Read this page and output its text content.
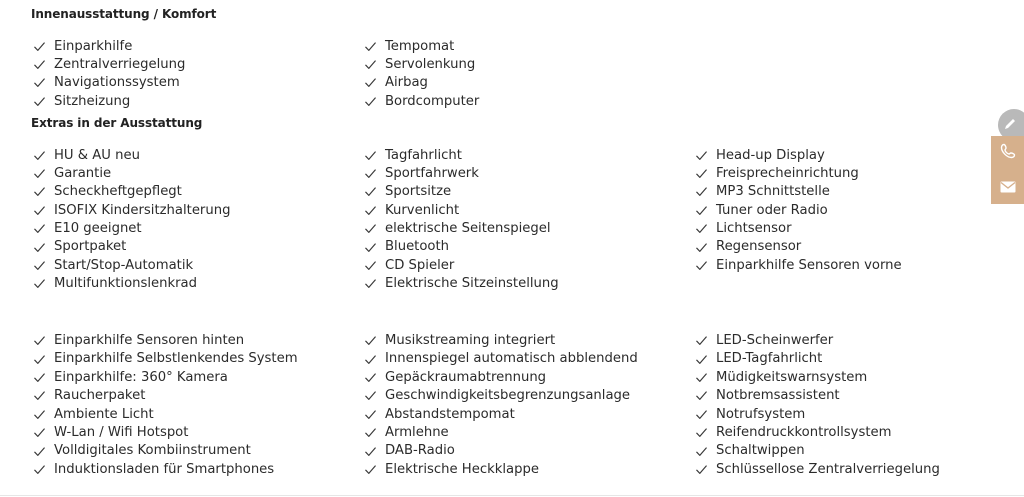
Innenausstattung / Komfort
Einparkhilfe
Zentralverriegelung
Navigationssystem
Sitzheizung
Tempomat
Servolenkung
Airbag
Bordcomputer
Extras in der Ausstattung
HU & AU neu
Garantie
Scheckheftgepflegt
ISOFIX Kindersitzhalterung
E10 geeignet
Sportpaket
Start/Stop-Automatik
Multifunktionslenkrad
Tagfahrlicht
Sportfahrwerk
Sportsitze
Kurvenlicht
elektrische Seitenspiegel
Bluetooth
CD Spieler
Elektrische Sitzeinstellung
Head-up Display
Freisprecheinrichtung
MP3 Schnittstelle
Tuner oder Radio
Lichtsensor
Regensensor
Einparkhilfe Sensoren vorne
Einparkhilfe Sensoren hinten
Einparkhilfe Selbstlenkendes System
Einparkhilfe: 360° Kamera
Raucherpaket
Ambiente Licht
W-Lan / Wifi Hotspot
Volldigitales Kombiinstrument
Induktionsladen für Smartphones
Musikstreaming integriert
Innenspiegel automatisch abblendend
Gepäckraumabtrennung
Geschwindigkeitsbegrenzungsanlage
Abstandstempomat
Armlehne
DAB-Radio
Elektrische Heckklappe
LED-Scheinwerfer
LED-Tagfahrlicht
Müdigkeitswarnsystem
Notbremsassistent
Notrufsystem
Reifendruckkontrollsystem
Schaltwippen
Schlüssellose Zentralverriegelung
